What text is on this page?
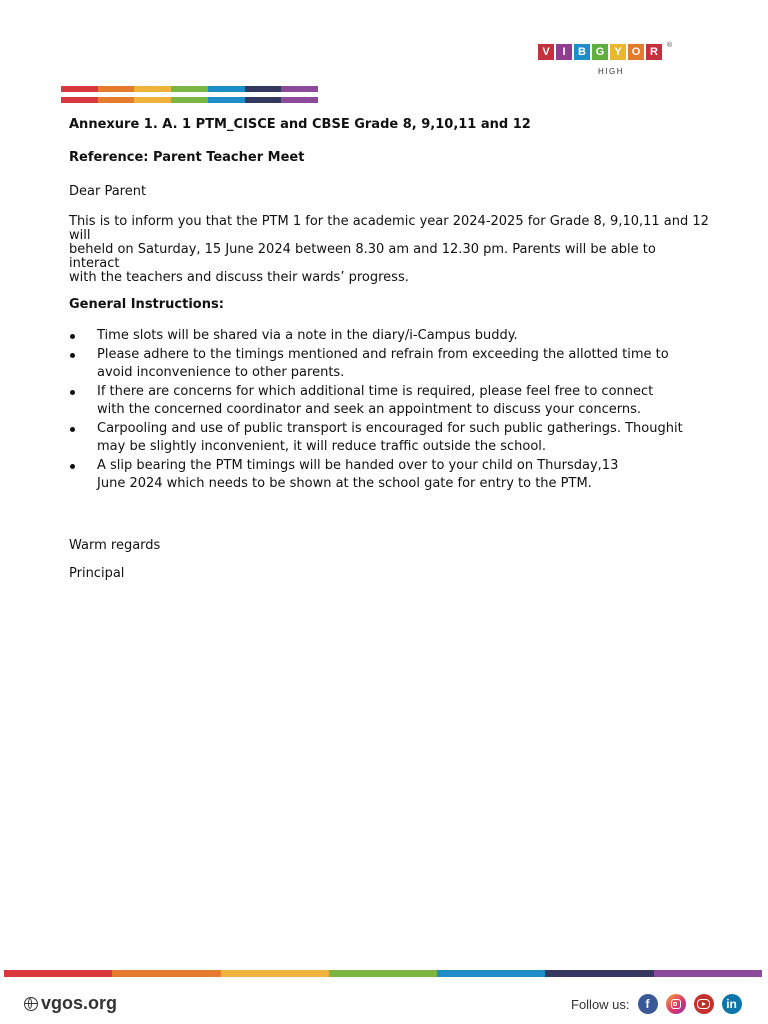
V	I	B G Y O R
®
HIGH

Annexure 1. A. 1 PTM_CISCE and CBSE Grade 8, 9,10,11 and 12

Reference: Parent Teacher Meet

Dear Parent

This is to inform you that the PTM 1 for the academic year 2024-2025 for Grade 8, 9,10,11 and 12 will

beheld on Saturday, 15 June 2024 between 8.30 am and 12.30 pm. Parents will be able to interact

with the teachers and discuss their wards’ progress.

General Instructions:

Time slots will be shared via a note in the diary/i-Campus buddy.
Please adhere to the timings mentioned and refrain from exceeding the allotted time to
avoid inconvenience to other parents.
If there are concerns for which additional time is required, please feel free to connect
with the concerned coordinator and seek an appointment to discuss your concerns.
Carpooling and use of public transport is encouraged for such public gatherings. Thoughit
may be slightly inconvenient, it will reduce traffic outside the school.
A slip bearing the PTM timings will be handed over to your child on Thursday,13
June 2024 which needs to be shown at the school gate for entry to the PTM.

Warm regards

Principal

vgos.org	Follow us:	f	in
